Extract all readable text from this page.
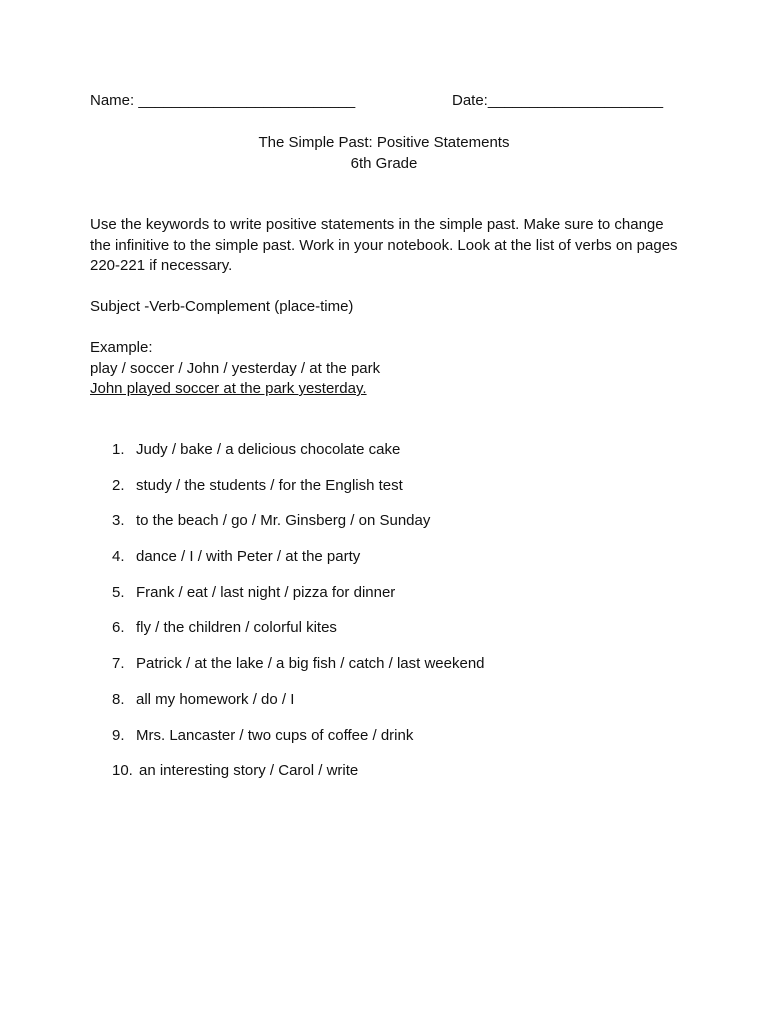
Name: __________________________	Date:_____________________
The Simple Past: Positive Statements
6th Grade
Use the keywords to write positive statements in the simple past. Make sure to change the infinitive to the simple past. Work in your notebook. Look at the list of verbs on pages 220-221 if necessary.
Subject -Verb-Complement (place-time)
Example:
play / soccer / John / yesterday / at the park
John played soccer at the park yesterday.
1. Judy / bake / a delicious chocolate cake
2. study / the students / for the English test
3. to the beach / go / Mr. Ginsberg / on Sunday
4. dance / I / with Peter / at the party
5. Frank / eat / last night / pizza for dinner
6. fly / the children / colorful kites
7. Patrick / at the lake / a big fish / catch / last weekend
8. all my homework / do / I
9. Mrs. Lancaster / two cups of coffee / drink
10. an interesting story / Carol / write
